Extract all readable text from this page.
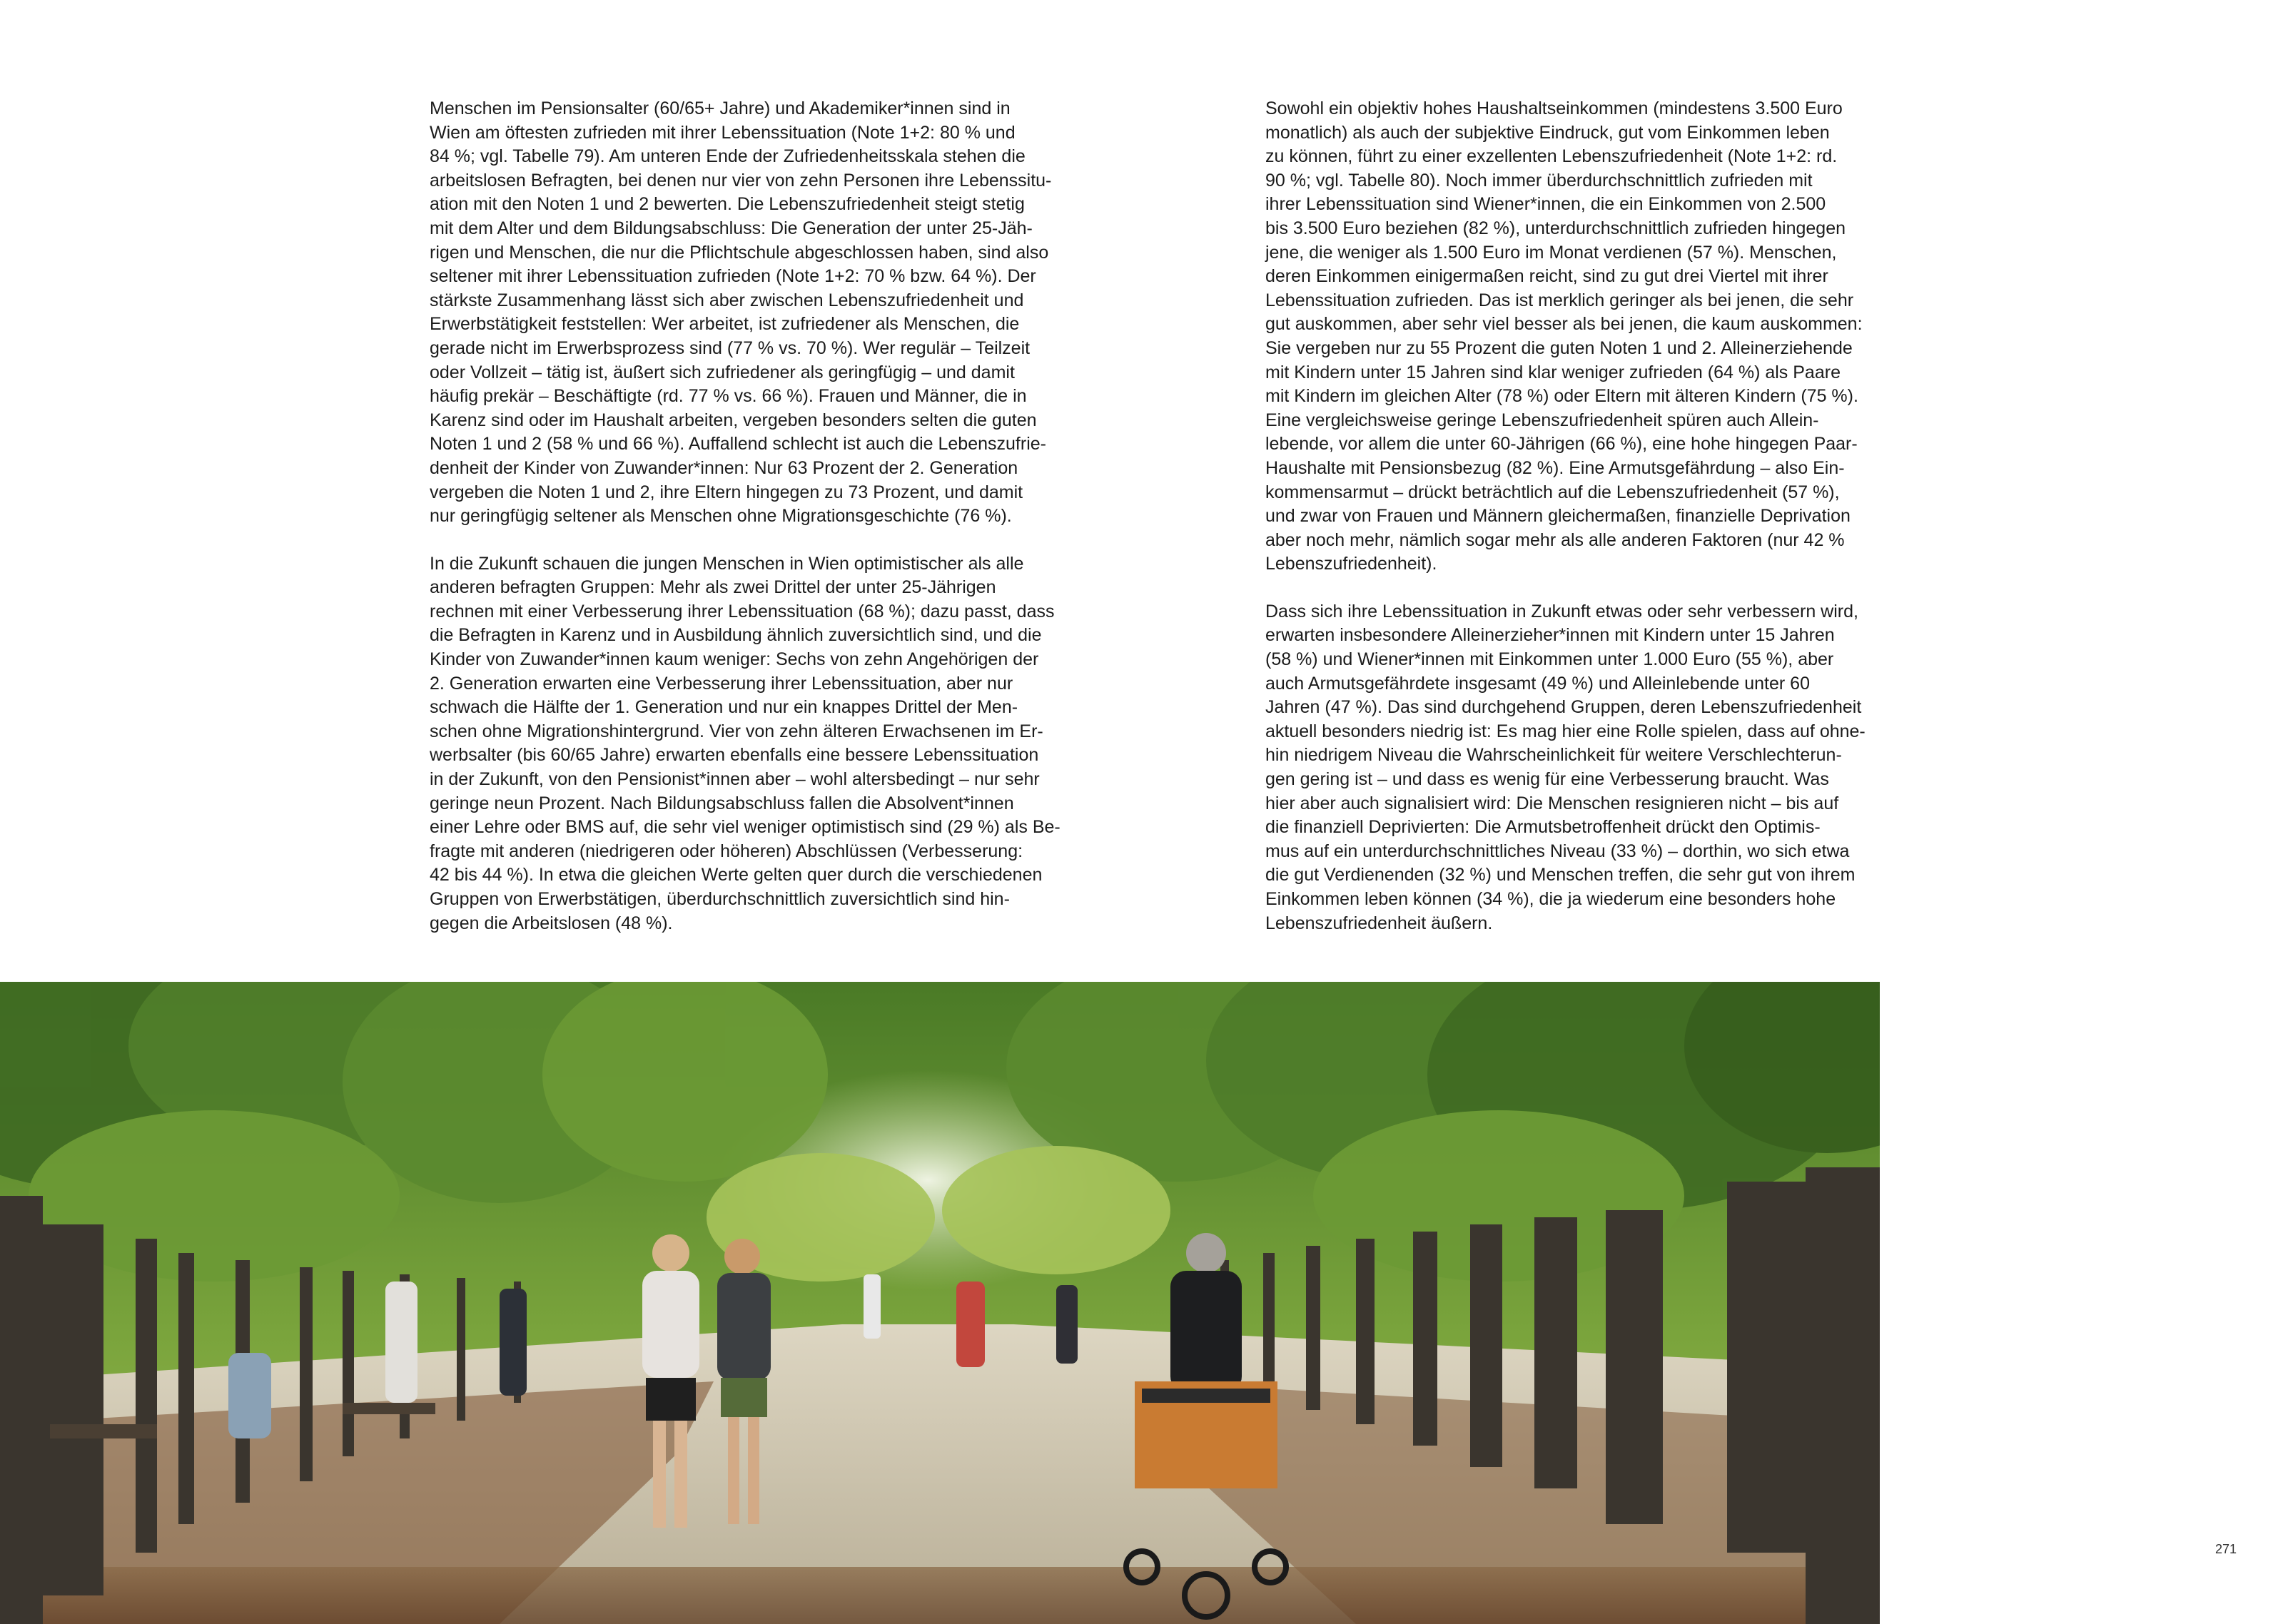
Menschen im Pensionsalter (60/65+ Jahre) und Akademiker*innen sind in
Wien am öftesten zufrieden mit ihrer Lebenssituation (Note 1+2: 80 % und
84 %; vgl. Tabelle 79). Am unteren Ende der Zufriedenheitsskala stehen die
arbeitslosen Befragten, bei denen nur vier von zehn Personen ihre Lebenssitu-
ation mit den Noten 1 und 2 bewerten. Die Lebenszufriedenheit steigt stetig
mit dem Alter und dem Bildungsabschluss: Die Generation der unter 25-Jäh-
rigen und Menschen, die nur die Pflichtschule abgeschlossen haben, sind also
seltener mit ihrer Lebenssituation zufrieden (Note 1+2: 70 % bzw. 64 %). Der
stärkste Zusammenhang lässt sich aber zwischen Lebenszufriedenheit und
Erwerbstätigkeit feststellen: Wer arbeitet, ist zufriedener als Menschen, die
gerade nicht im Erwerbsprozess sind (77 % vs. 70 %). Wer regulär – Teilzeit
oder Vollzeit – tätig ist, äußert sich zufriedener als geringfügig – und damit
häufig prekär – Beschäftigte (rd. 77 % vs. 66 %). Frauen und Männer, die in
Karenz sind oder im Haushalt arbeiten, vergeben besonders selten die guten
Noten 1 und 2 (58 % und 66 %). Auffallend schlecht ist auch die Lebenszufrie-
denheit der Kinder von Zuwander*innen: Nur 63 Prozent der 2. Generation
vergeben die Noten 1 und 2, ihre Eltern hingegen zu 73 Prozent, und damit
nur geringfügig seltener als Menschen ohne Migrationsgeschichte (76 %).

In die Zukunft schauen die jungen Menschen in Wien optimistischer als alle
anderen befragten Gruppen: Mehr als zwei Drittel der unter 25-Jährigen
rechnen mit einer Verbesserung ihrer Lebenssituation (68 %); dazu passt, dass
die Befragten in Karenz und in Ausbildung ähnlich zuversichtlich sind, und die
Kinder von Zuwander*innen kaum weniger: Sechs von zehn Angehörigen der
2. Generation erwarten eine Verbesserung ihrer Lebenssituation, aber nur
schwach die Hälfte der 1. Generation und nur ein knappes Drittel der Men-
schen ohne Migrationshintergrund. Vier von zehn älteren Erwachsenen im Er-
werbsalter (bis 60/65 Jahre) erwarten ebenfalls eine bessere Lebenssituation
in der Zukunft, von den Pensionist*innen aber – wohl altersbedingt – nur sehr
geringe neun Prozent. Nach Bildungsabschluss fallen die Absolvent*innen
einer Lehre oder BMS auf, die sehr viel weniger optimistisch sind (29 %) als Be-
fragte mit anderen (niedrigeren oder höheren) Abschlüssen (Verbesserung:
42 bis 44 %). In etwa die gleichen Werte gelten quer durch die verschiedenen
Gruppen von Erwerbstätigen, überdurchschnittlich zuversichtlich sind hin-
gegen die Arbeitslosen (48 %).

Sowohl ein objektiv hohes Haushaltseinkommen (mindestens 3.500 Euro
monatlich) als auch der subjektive Eindruck, gut vom Einkommen leben
zu können, führt zu einer exzellenten Lebenszufriedenheit (Note 1+2: rd.
90 %; vgl. Tabelle 80). Noch immer überdurchschnittlich zufrieden mit
ihrer Lebenssituation sind Wiener*innen, die ein Einkommen von 2.500
bis 3.500 Euro beziehen (82 %), unterdurchschnittlich zufrieden hingegen
jene, die weniger als 1.500 Euro im Monat verdienen (57 %). Menschen,
deren Einkommen einigermaßen reicht, sind zu gut drei Viertel mit ihrer
Lebenssituation zufrieden. Das ist merklich geringer als bei jenen, die sehr
gut auskommen, aber sehr viel besser als bei jenen, die kaum auskommen:
Sie vergeben nur zu 55 Prozent die guten Noten 1 und 2. Alleinerziehende
mit Kindern unter 15 Jahren sind klar weniger zufrieden (64 %) als Paare
mit Kindern im gleichen Alter (78 %) oder Eltern mit älteren Kindern (75 %).
Eine vergleichsweise geringe Lebenszufriedenheit spüren auch Allein-
lebende, vor allem die unter 60-Jährigen (66 %), eine hohe hingegen Paar-
Haushalte mit Pensionsbezug (82 %). Eine Armutsgefährdung – also Ein-
kommensarmut – drückt beträchtlich auf die Lebenszufriedenheit (57 %),
und zwar von Frauen und Männern gleichermaßen, finanzielle Deprivation
aber noch mehr, nämlich sogar mehr als alle anderen Faktoren (nur 42 %
Lebenszufriedenheit).

Dass sich ihre Lebenssituation in Zukunft etwas oder sehr verbessern wird,
erwarten insbesondere Alleinerzieher*innen mit Kindern unter 15 Jahren
(58 %) und Wiener*innen mit Einkommen unter 1.000 Euro (55 %), aber
auch Armutsgefährdete insgesamt (49 %) und Alleinlebende unter 60
Jahren (47 %). Das sind durchgehend Gruppen, deren Lebenszufriedenheit
aktuell besonders niedrig ist: Es mag hier eine Rolle spielen, dass auf ohne-
hin niedrigem Niveau die Wahrscheinlichkeit für weitere Verschlechterun-
gen gering ist – und dass es wenig für eine Verbesserung braucht. Was
hier aber auch signalisiert wird: Die Menschen resignieren nicht – bis auf
die finanziell Deprivierten: Die Armutsbetroffenheit drückt den Optimis-
mus auf ein unterdurchschnittliches Niveau (33 %) – dorthin, wo sich etwa
die gut Verdienenden (32 %) und Menschen treffen, die sehr gut von ihrem
Einkommen leben können (34 %), die ja wiederum eine besonders hohe
Lebenszufriedenheit äußern.

271
